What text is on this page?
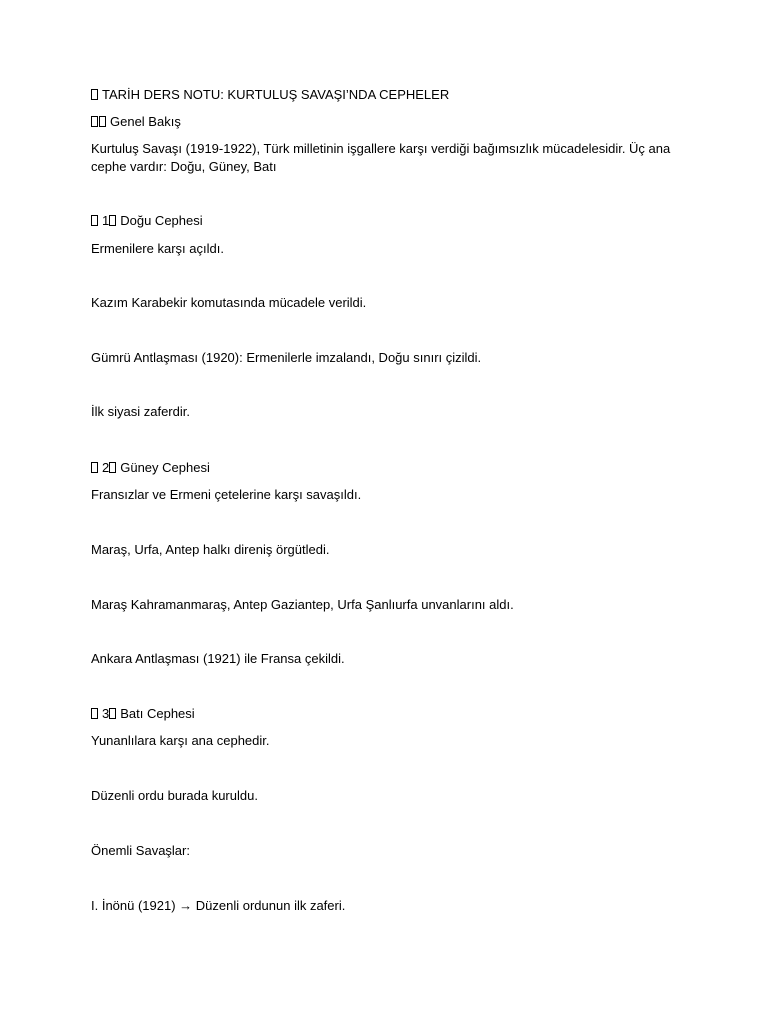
TARİH DERS NOTU: KURTULUŞ SAVAŞI’NDA CEPHELER
Genel Bakış
Kurtuluş Savaşı (1919-1922), Türk milletinin işgallere karşı verdiği bağımsızlık mücadelesidir. Üç ana cephe vardır: Doğu, Güney, Batı
1 Doğu Cephesi
Ermenilere karşı açıldı.
Kazım Karabekir komutasında mücadele verildi.
Gümrü Antlaşması (1920): Ermenilerle imzalandı, Doğu sınırı çizildi.
İlk siyasi zaferdir.
2 Güney Cephesi
Fransızlar ve Ermeni çetelerine karşı savaşıldı.
Maraş, Urfa, Antep halkı direniş örgütledi.
Maraş Kahramanmaraş, Antep Gaziantep, Urfa Şanlıurfa unvanlarını aldı.
Ankara Antlaşması (1921) ile Fransa çekildi.
3 Batı Cephesi
Yunanlılara karşı ana cephedir.
Düzenli ordu burada kuruldu.
Önemli Savaşlar:
I. İnönü (1921) → Düzenli ordunun ilk zaferi.
